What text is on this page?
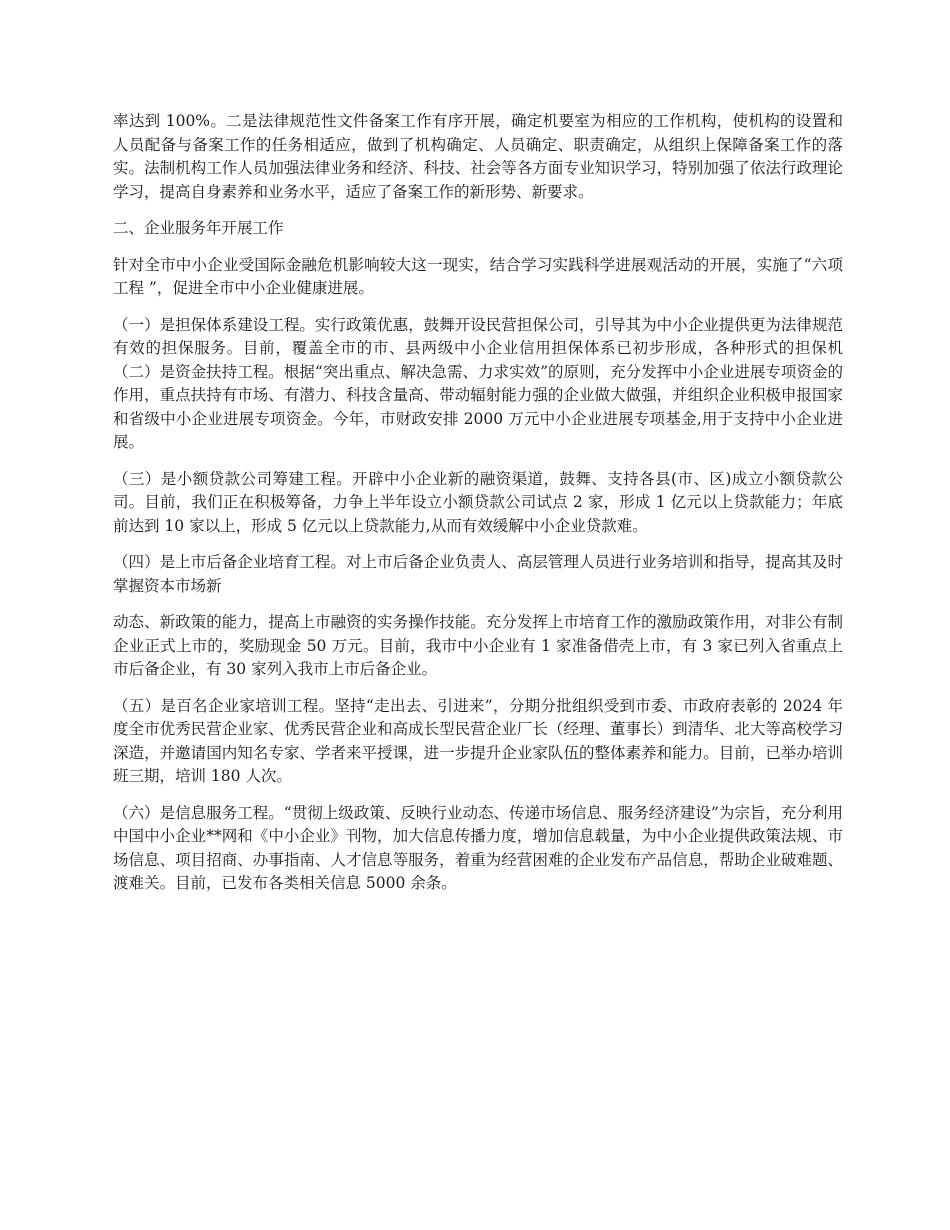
率达到 100%。二是法律规范性文件备案工作有序开展，确定机要室为相应的工作机构，使机构的设置和人员配备与备案工作的任务相适应，做到了机构确定、人员确定、职责确定，从组织上保障备案工作的落实。法制机构工作人员加强法律业务和经济、科技、社会等各方面专业知识学习，特别加强了依法行政理论学习，提高自身素养和业务水平，适应了备案工作的新形势、新要求。

二、企业服务年开展工作

针对全市中小企业受国际金融危机影响较大这一现实，结合学习实践科学进展观活动的开展，实施了“六项工程 ”，促进全市中小企业健康进展。

（一）是担保体系建设工程。实行政策优惠，鼓舞开设民营担保公司，引导其为中小企业提供更为法律规范有效的担保服务。目前，覆盖全市的市、县两级中小企业信用担保体系已初步形成，各种形式的担保机 （二）是资金扶持工程。根据“突出重点、解决急需、力求实效”的原则，充分发挥中小企业进展专项资金的作用，重点扶持有市场、有潜力、科技含量高、带动辐射能力强的企业做大做强，并组织企业积极申报国家和省级中小企业进展专项资金。今年，市财政安排 2000 万元中小企业进展专项基金,用于支持中小企业进展。

（三）是小额贷款公司筹建工程。开辟中小企业新的融资渠道，鼓舞、支持各县(市、区)成立小额贷款公司。目前，我们正在积极筹备，力争上半年设立小额贷款公司试点 2 家，形成 1 亿元以上贷款能力；年底前达到 10 家以上，形成 5 亿元以上贷款能力,从而有效缓解中小企业贷款难。

（四）是上市后备企业培育工程。对上市后备企业负责人、高层管理人员进行业务培训和指导，提高其及时掌握资本市场新

动态、新政策的能力，提高上市融资的实务操作技能。充分发挥上市培育工作的激励政策作用，对非公有制企业正式上市的，奖励现金 50 万元。目前，我市中小企业有 1 家准备借壳上市，有 3 家已列入省重点上市后备企业，有 30 家列入我市上市后备企业。

（五）是百名企业家培训工程。坚持“走出去、引进来”，分期分批组织受到市委、市政府表彰的 2024 年度全市优秀民营企业家、优秀民营企业和高成长型民营企业厂长（经理、董事长）到清华、北大等高校学习深造，并邀请国内知名专家、学者来平授课，进一步提升企业家队伍的整体素养和能力。目前，已举办培训班三期，培训 180 人次。

（六）是信息服务工程。“贯彻上级政策、反映行业动态、传递市场信息、服务经济建设”为宗旨，充分利用中国中小企业**网和《中小企业》刊物，加大信息传播力度，增加信息载量，为中小企业提供政策法规、市场信息、项目招商、办事指南、人才信息等服务，着重为经营困难的企业发布产品信息，帮助企业破难题、渡难关。目前，已发布各类相关信息 5000 余条。
